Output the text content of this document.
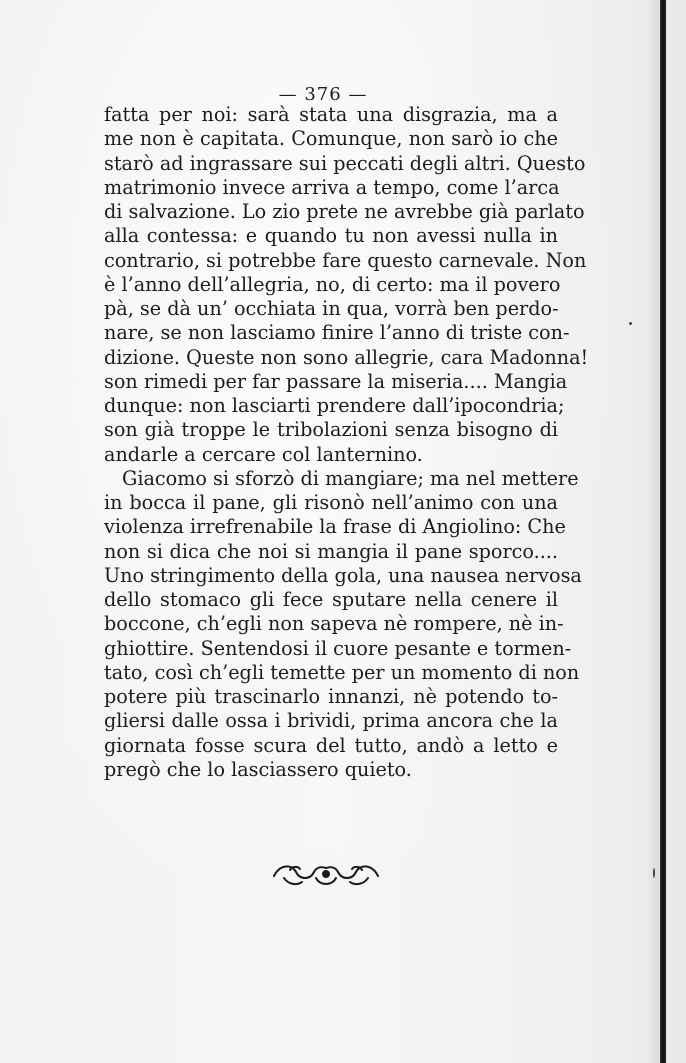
— 376 —
fatta per noi: sarà stata una disgrazia, ma a
me non è capitata. Comunque, non sarò io che
starò ad ingrassare sui peccati degli altri. Questo
matrimonio invece arriva a tempo, come l’arca
di salvazione. Lo zio prete ne avrebbe già parlato
alla contessa: e quando tu non avessi nulla in
contrario, si potrebbe fare questo carnevale. Non
è l’anno dell’allegria, no, di certo: ma il povero
pà, se dà un’ occhiata in qua, vorrà ben perdo-
nare, se non lasciamo finire l’anno di triste con-
dizione. Queste non sono allegrie, cara Madonna!
son rimedi per far passare la miseria.... Mangia
dunque: non lasciarti prendere dall’ipocondria;
son già troppe le tribolazioni senza bisogno di
andarle a cercare col lanternino.
Giacomo si sforzò di mangiare; ma nel mettere
in bocca il pane, gli risonò nell’animo con una
violenza irrefrenabile la frase di Angiolino: Che
non si dica che noi si mangia il pane sporco....
Uno stringimento della gola, una nausea nervosa
dello stomaco gli fece sputare nella cenere il
boccone, ch’egli non sapeva nè rompere, nè in-
ghiottire. Sentendosi il cuore pesante e tormen-
tato, così ch’egli temette per un momento di non
potere più trascinarlo innanzi, nè potendo to-
gliersi dalle ossa i brividi, prima ancora che la
giornata fosse scura del tutto, andò a letto e
pregò che lo lasciassero quieto.
